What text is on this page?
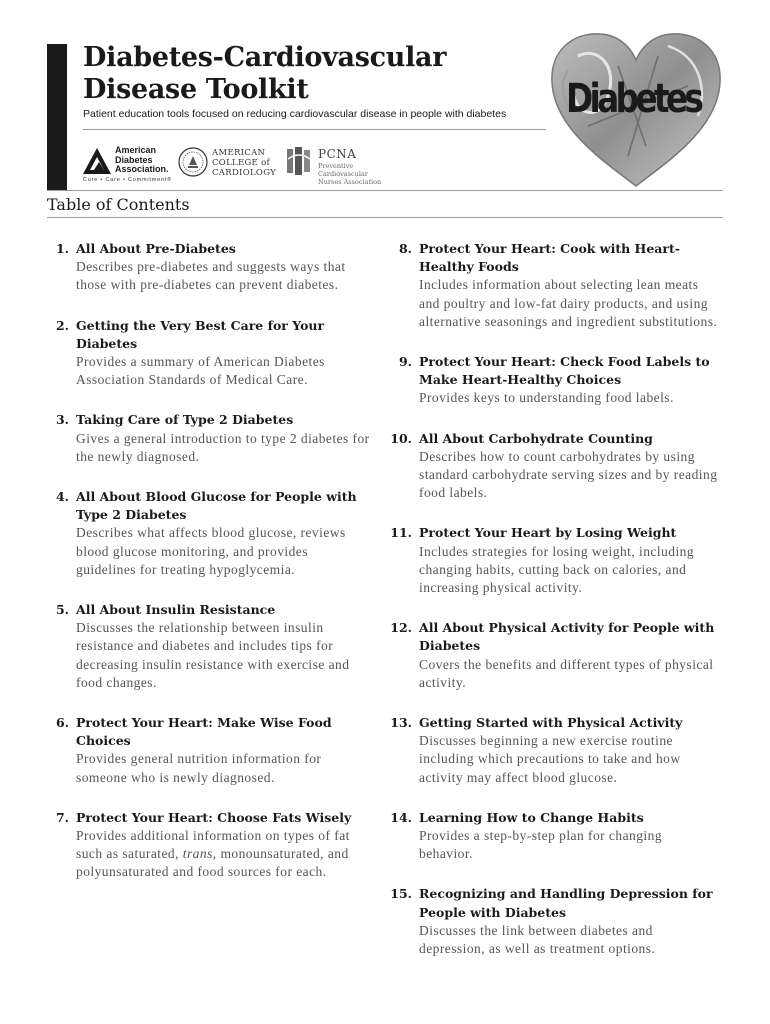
Diabetes-Cardiovascular
Disease Toolkit
Patient education tools focused on reducing cardiovascular disease in people with diabetes
American
Diabetes
Association.
Cure • Care • Commitment®
AMERICAN
COLLEGE of
CARDIOLOGY
PCNA
Preventive Cardiovascular
Nurses Association
Diabetes
Table of Contents
1. All About Pre-Diabetes
Describes pre-diabetes and suggests ways that those with pre-diabetes can prevent diabetes.
2. Getting the Very Best Care for Your Diabetes
Provides a summary of American Diabetes Association Standards of Medical Care.
3. Taking Care of Type 2 Diabetes
Gives a general introduction to type 2 diabetes for the newly diagnosed.
4. All About Blood Glucose for People with Type 2 Diabetes
Describes what affects blood glucose, reviews blood glucose monitoring, and provides guidelines for treating hypoglycemia.
5. All About Insulin Resistance
Discusses the relationship between insulin resistance and diabetes and includes tips for decreasing insulin resistance with exercise and food changes.
6. Protect Your Heart: Make Wise Food Choices
Provides general nutrition information for someone who is newly diagnosed.
7. Protect Your Heart: Choose Fats Wisely
Provides additional information on types of fat such as saturated, trans, monounsaturated, and polyunsaturated and food sources for each.
8. Protect Your Heart: Cook with Heart-Healthy Foods
Includes information about selecting lean meats and poultry and low-fat dairy products, and using alternative seasonings and ingredient substitutions.
9. Protect Your Heart: Check Food Labels to Make Heart-Healthy Choices
Provides keys to understanding food labels.
10. All About Carbohydrate Counting
Describes how to count carbohydrates by using standard carbohydrate serving sizes and by reading food labels.
11. Protect Your Heart by Losing Weight
Includes strategies for losing weight, including changing habits, cutting back on calories, and increasing physical activity.
12. All About Physical Activity for People with Diabetes
Covers the benefits and different types of physical activity.
13. Getting Started with Physical Activity
Discusses beginning a new exercise routine including which precautions to take and how activity may affect blood glucose.
14. Learning How to Change Habits
Provides a step-by-step plan for changing behavior.
15. Recognizing and Handling Depression for People with Diabetes
Discusses the link between diabetes and depression, as well as treatment options.
